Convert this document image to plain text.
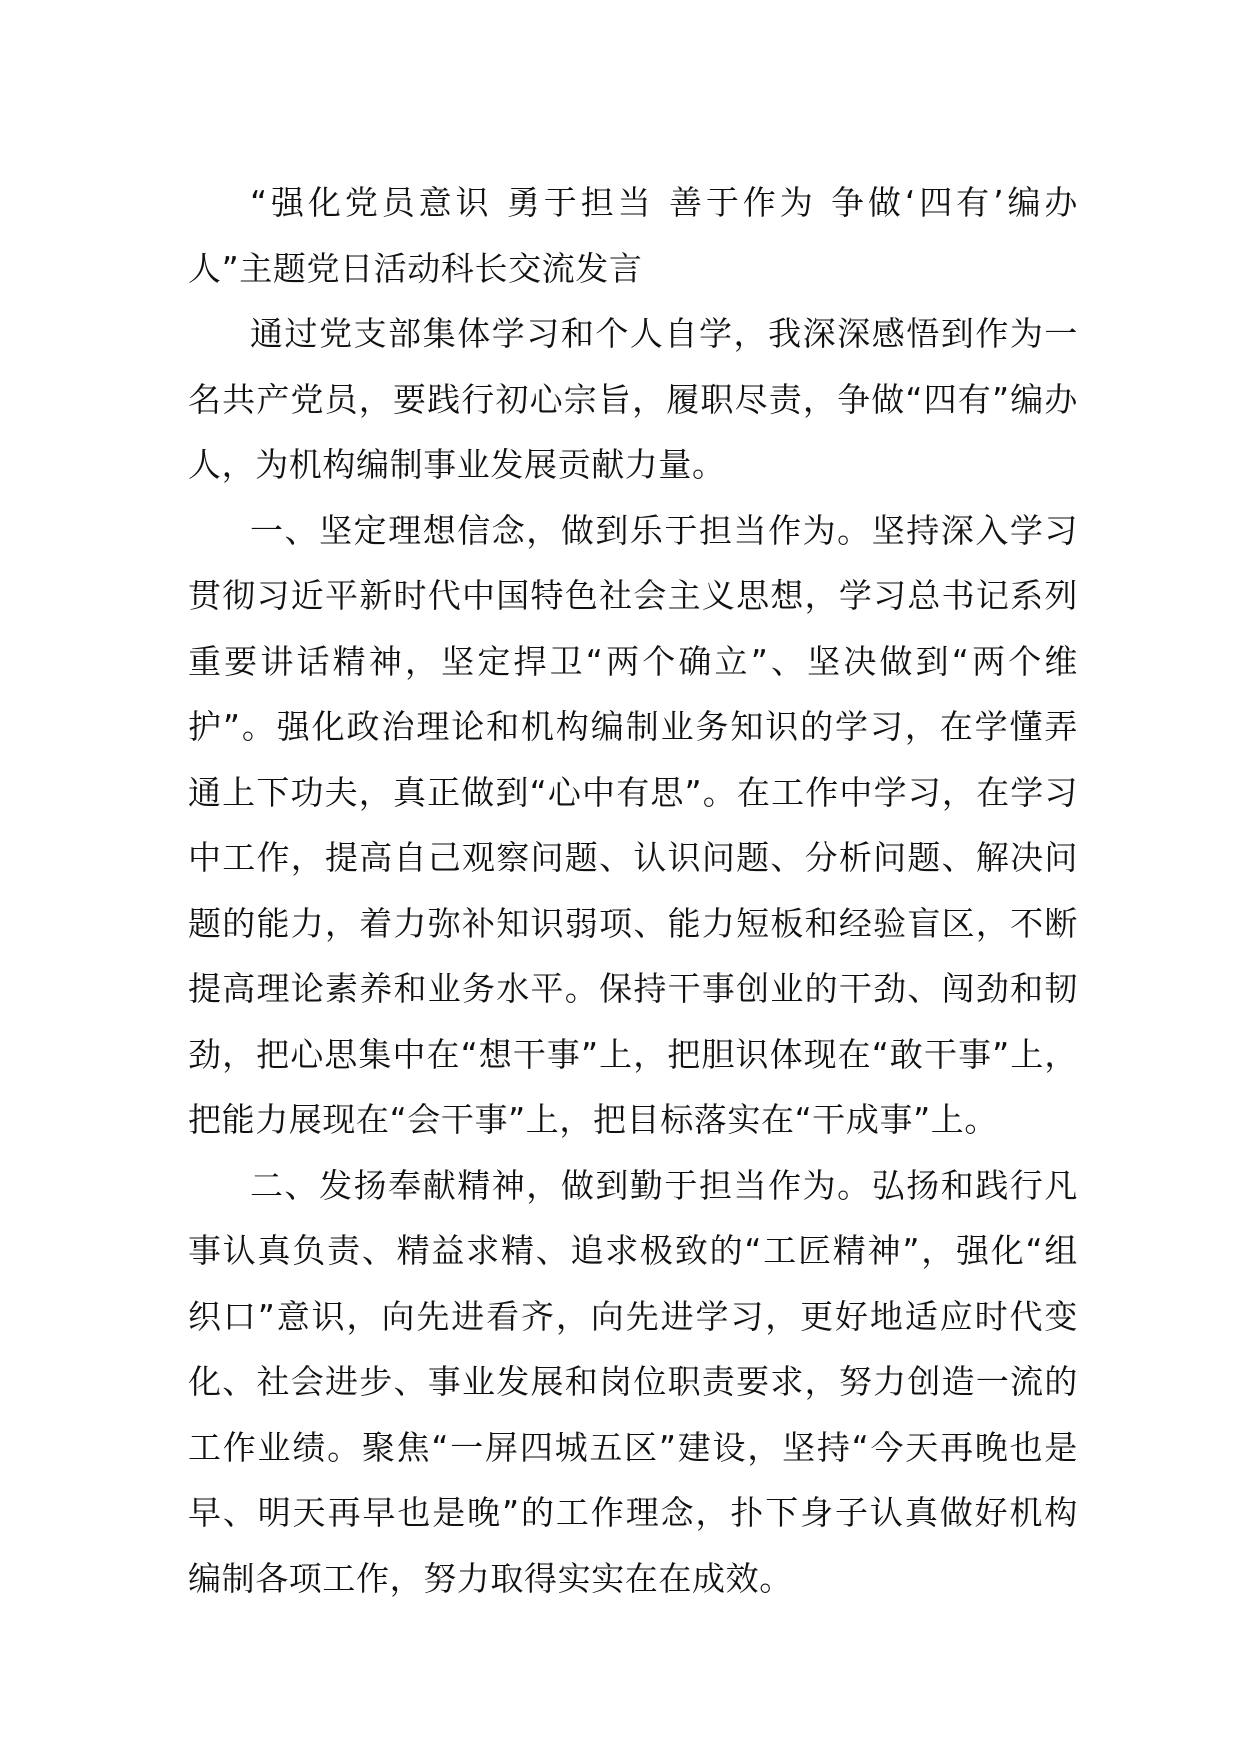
“强化党员意识 勇于担当 善于作为 争做‘四有’编办人”主题党日活动科长交流发言

通过党支部集体学习和个人自学，我深深感悟到作为一名共产党员，要践行初心宗旨，履职尽责，争做“四有”编办人，为机构编制事业发展贡献力量。

一、坚定理想信念，做到乐于担当作为。坚持深入学习贯彻习近平新时代中国特色社会主义思想，学习总书记系列重要讲话精神，坚定捍卫“两个确立”、坚决做到“两个维护”。强化政治理论和机构编制业务知识的学习，在学懂弄通上下功夫，真正做到“心中有思”。在工作中学习，在学习中工作，提高自己观察问题、认识问题、分析问题、解决问题的能力，着力弥补知识弱项、能力短板和经验盲区，不断提高理论素养和业务水平。保持干事创业的干劲、闯劲和韧劲，把心思集中在“想干事”上，把胆识体现在“敢干事”上，把能力展现在“会干事”上，把目标落实在“干成事”上。

二、发扬奉献精神，做到勤于担当作为。弘扬和践行凡事认真负责、精益求精、追求极致的“工匠精神”，强化“组织口”意识，向先进看齐，向先进学习，更好地适应时代变化、社会进步、事业发展和岗位职责要求，努力创造一流的工作业绩。聚焦“一屏四城五区”建设，坚持“今天再晚也是早、明天再早也是晚”的工作理念，扑下身子认真做好机构编制各项工作，努力取得实实在在成效。
